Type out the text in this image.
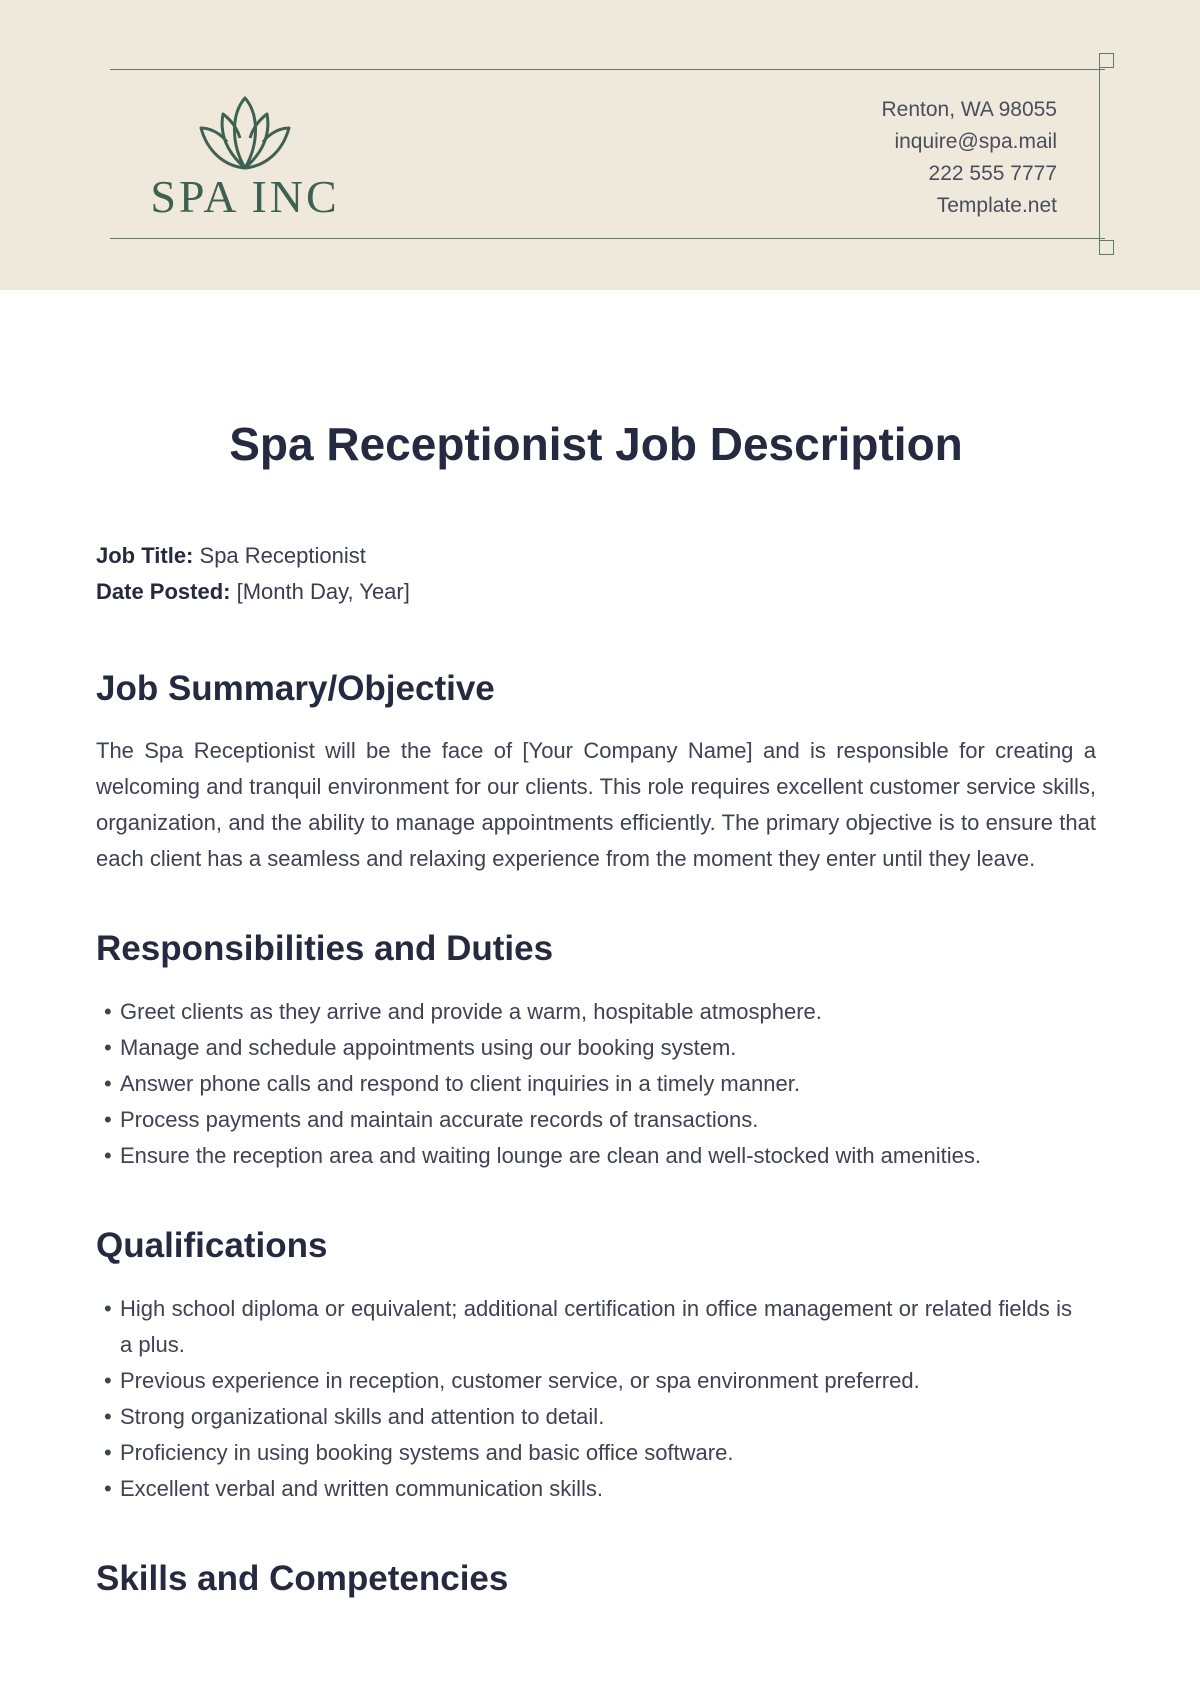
SPA INC
Renton, WA 98055
inquire@spa.mail
222 555 7777
Template.net
Spa Receptionist Job Description
Job Title: Spa Receptionist
Date Posted: [Month Day, Year]
Job Summary/Objective
The Spa Receptionist will be the face of [Your Company Name] and is responsible for creating a welcoming and tranquil environment for our clients. This role requires excellent customer service skills, organization, and the ability to manage appointments efficiently. The primary objective is to ensure that each client has a seamless and relaxing experience from the moment they enter until they leave.
Responsibilities and Duties
• Greet clients as they arrive and provide a warm, hospitable atmosphere.
• Manage and schedule appointments using our booking system.
• Answer phone calls and respond to client inquiries in a timely manner.
• Process payments and maintain accurate records of transactions.
• Ensure the reception area and waiting lounge are clean and well-stocked with amenities.
Qualifications
• High school diploma or equivalent; additional certification in office management or related fields is a plus.
• Previous experience in reception, customer service, or spa environment preferred.
• Strong organizational skills and attention to detail.
• Proficiency in using booking systems and basic office software.
• Excellent verbal and written communication skills.
Skills and Competencies
